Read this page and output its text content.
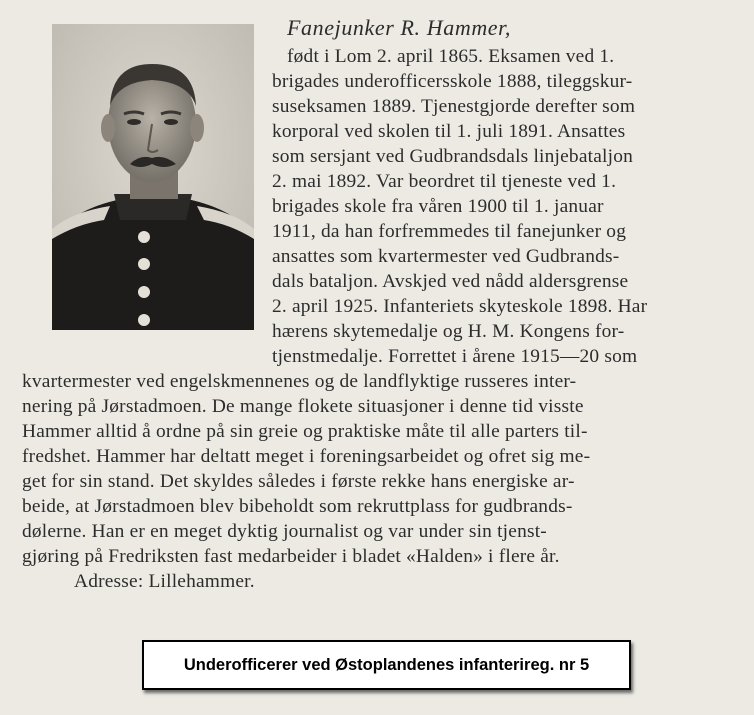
Fanejunker R. Hammer,
født i Lom 2. april 1865. Eksamen ved 1.
brigades underofficersskole 1888, tileggskur-
suseksamen 1889. Tjenestgjorde derefter som
korporal ved skolen til 1. juli 1891. Ansattes
som sersjant ved Gudbrandsdals linjebataljon
2. mai 1892. Var beordret til tjeneste ved 1.
brigades skole fra våren 1900 til 1. januar
1911, da han forfremmedes til fanejunker og
ansattes som kvartermester ved Gudbrands-
dals bataljon. Avskjed ved nådd aldersgrense
2. april 1925. Infanteriets skyteskole 1898. Har
hærens skytemedalje og H. M. Kongens for-
tjenstmedalje. Forrettet i årene 1915—20 som
kvartermester ved engelskmennenes og de landflyktige russeres inter-
nering på Jørstadmoen. De mange flokete situasjoner i denne tid visste
Hammer alltid å ordne på sin greie og praktiske måte til alle parters til-
fredshet. Hammer har deltatt meget i foreningsarbeidet og ofret sig me-
get for sin stand. Det skyldes således i første rekke hans energiske ar-
beide, at Jørstadmoen blev bibeholdt som rekruttplass for gudbrands-
dølerne. Han er en meget dyktig journalist og var under sin tjenst-
gjøring på Fredriksten fast medarbeider i bladet «Halden» i flere år.
Adresse: Lillehammer.
Underofficerer ved Østoplandenes infanterireg. nr 5
